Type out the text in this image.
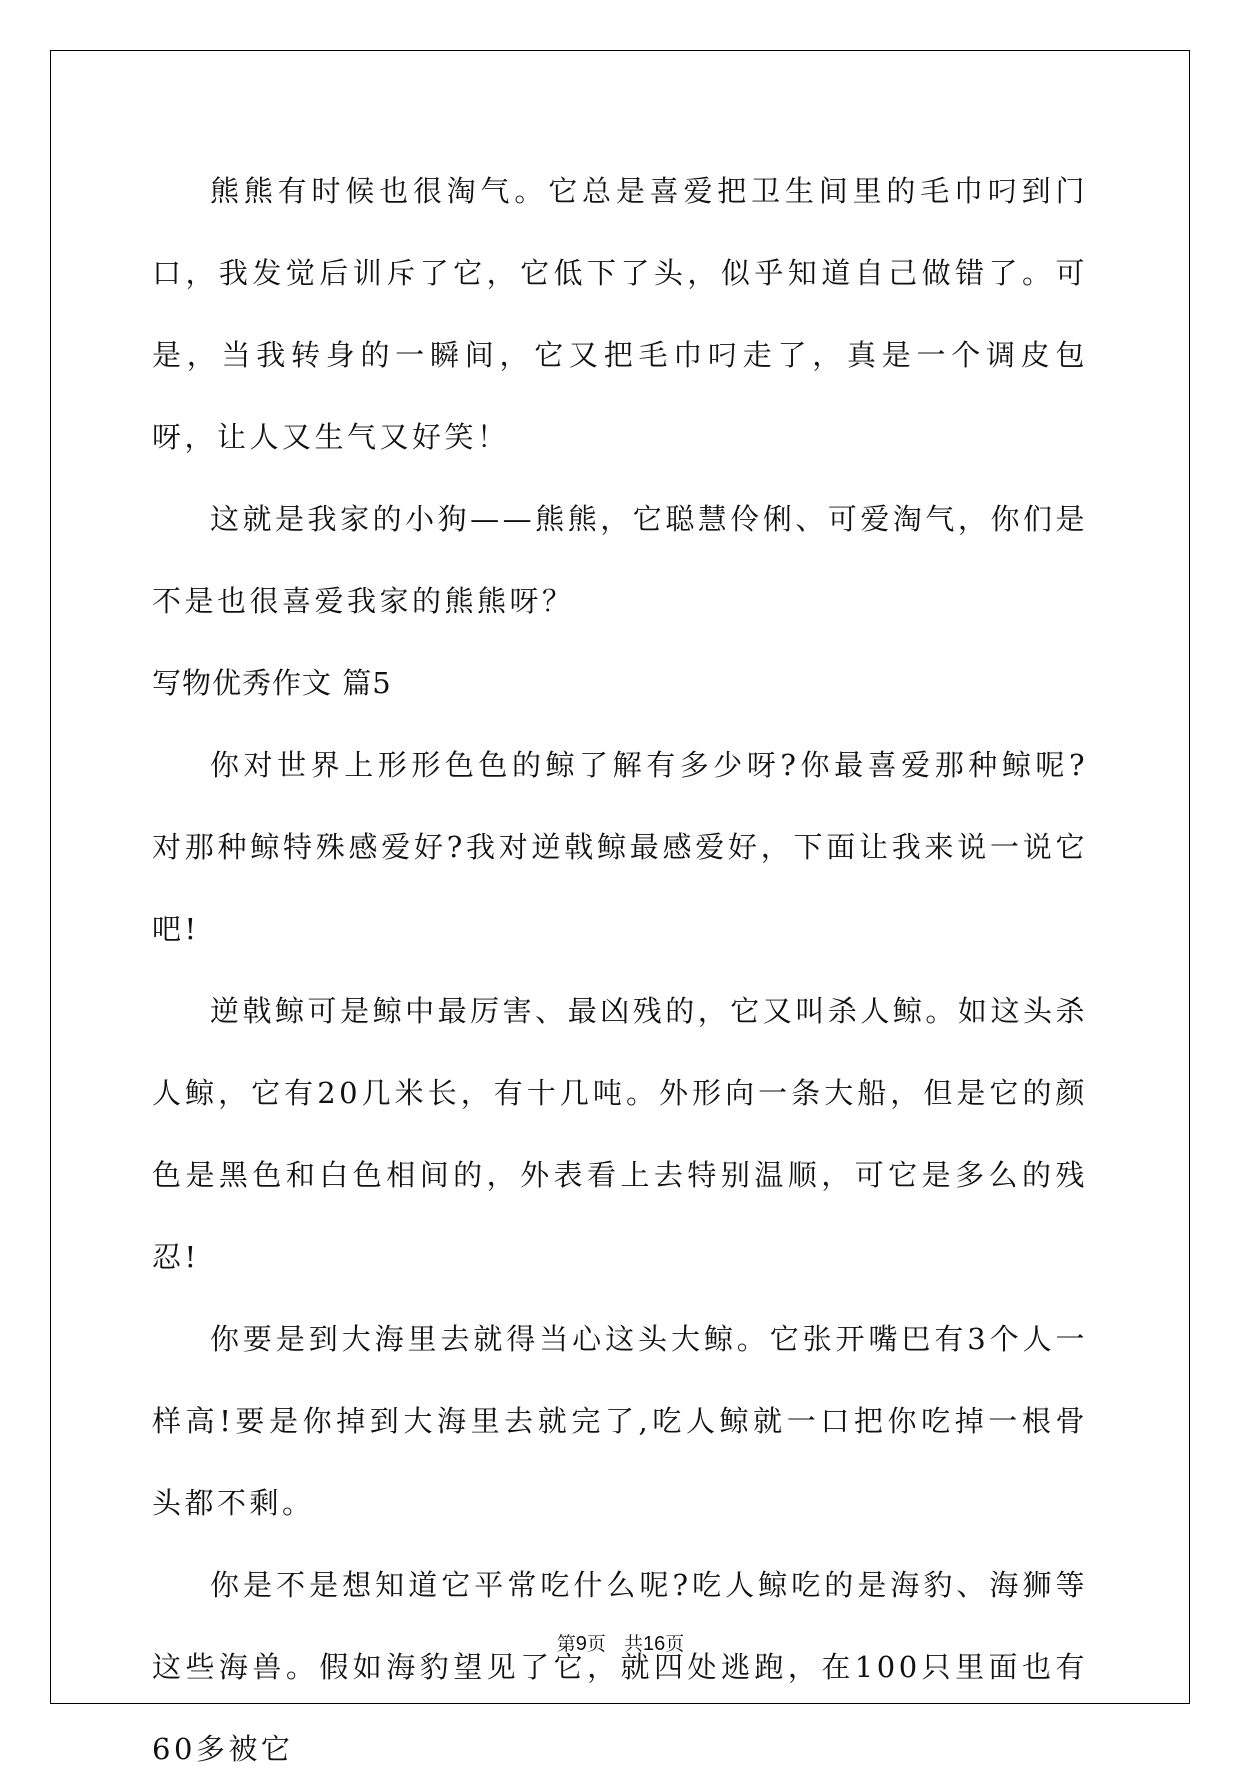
熊熊有时候也很淘气。它总是喜爱把卫生间里的毛巾叼到门口，我发觉后训斥了它，它低下了头，似乎知道自己做错了。可是，当我转身的一瞬间，它又把毛巾叼走了，真是一个调皮包呀，让人又生气又好笑！

这就是我家的小狗——熊熊，它聪慧伶俐、可爱淘气，你们是不是也很喜爱我家的熊熊呀？

写物优秀作文 篇5

你对世界上形形色色的鲸了解有多少呀?你最喜爱那种鲸呢?对那种鲸特殊感爱好?我对逆戟鲸最感爱好，下面让我来说一说它吧!

逆戟鲸可是鲸中最厉害、最凶残的，它又叫杀人鲸。如这头杀人鲸，它有20几米长，有十几吨。外形向一条大船，但是它的颜色是黑色和白色相间的，外表看上去特别温顺，可它是多么的残忍!

你要是到大海里去就得当心这头大鲸。它张开嘴巴有3个人一样高!要是你掉到大海里去就完了,吃人鲸就一口把你吃掉一根骨头都不剩。

你是不是想知道它平常吃什么呢?吃人鲸吃的是海豹、海狮等这些海兽。假如海豹望见了它，就四处逃跑，在100只里面也有60多被它

第9页   共16页
